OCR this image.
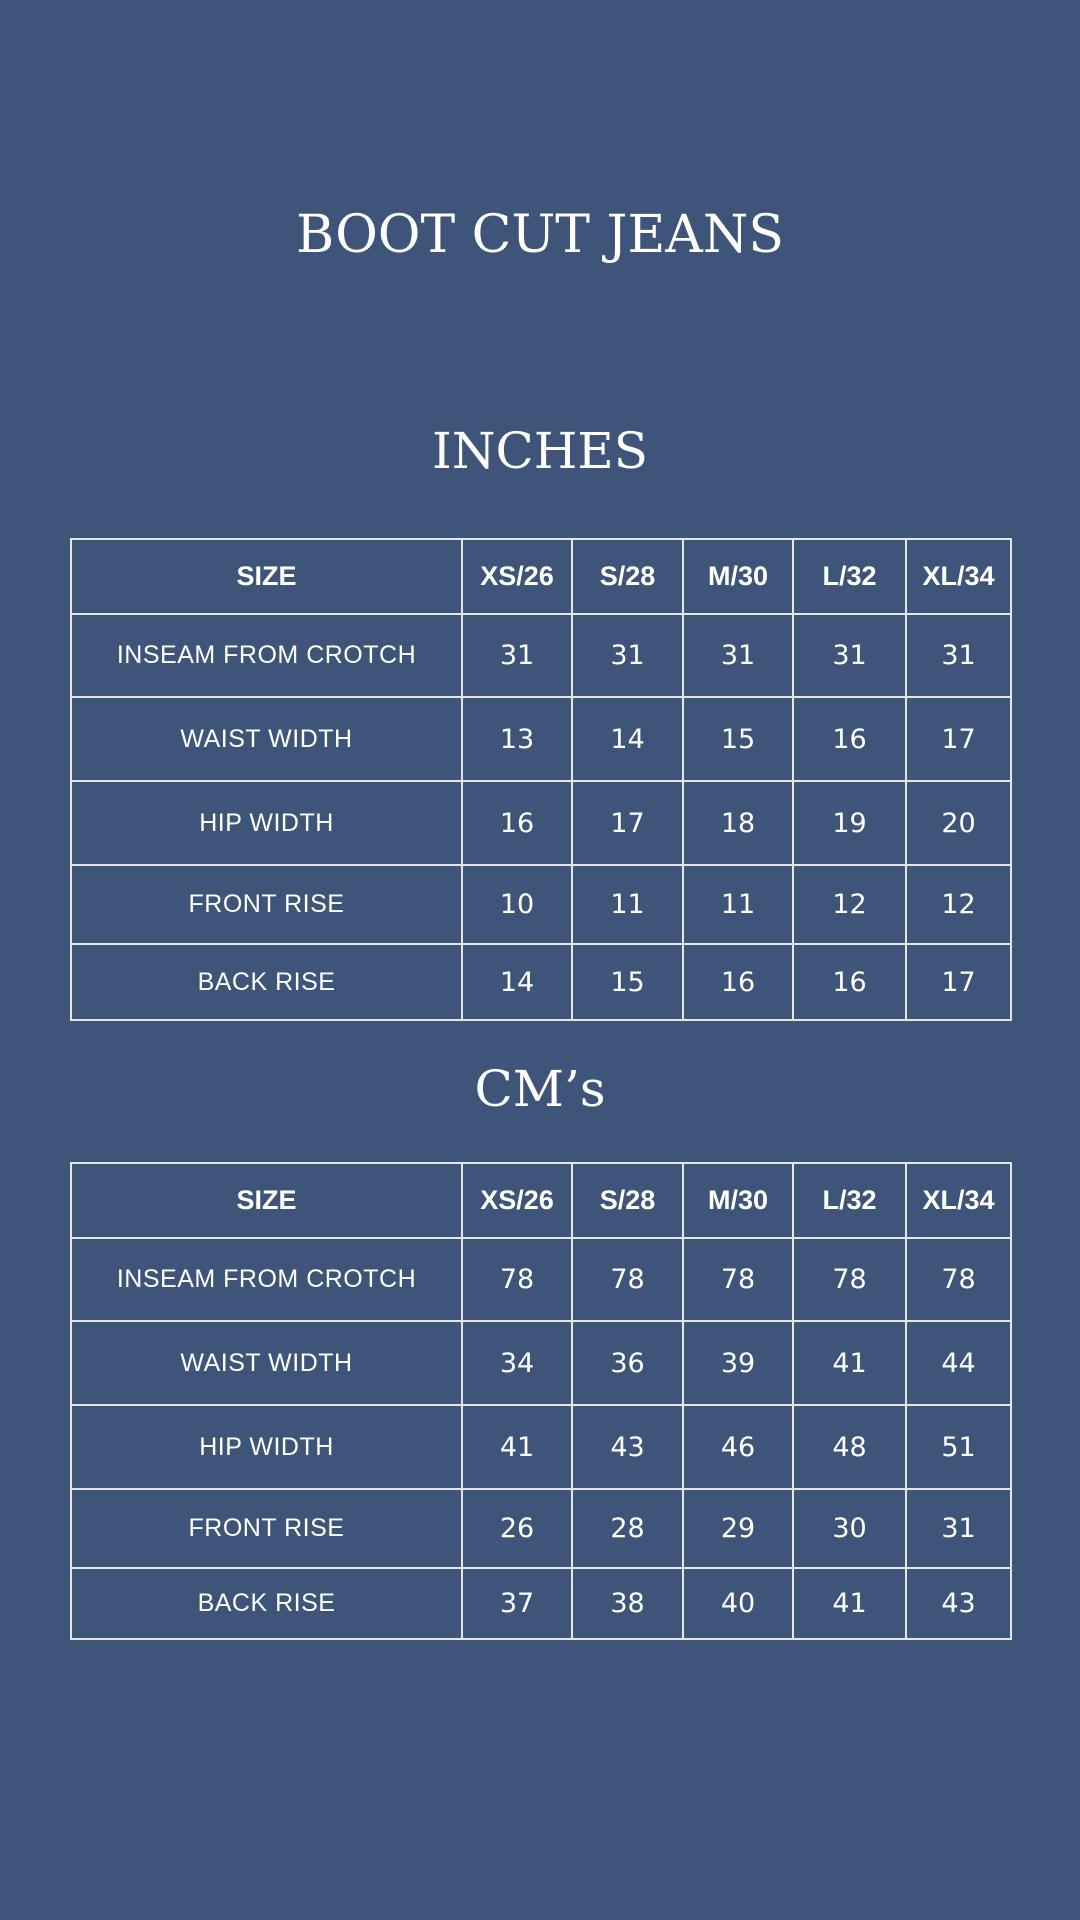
BOOT CUT JEANS
INCHES
SIZE	XS/26	S/28	M/30	L/32	XL/34
INSEAM FROM CROTCH	31	31	31	31	31
WAIST WIDTH	13	14	15	16	17
HIP WIDTH	16	17	18	19	20
FRONT RISE	10	11	11	12	12
BACK RISE	14	15	16	16	17
CM’s
SIZE	XS/26	S/28	M/30	L/32	XL/34
INSEAM FROM CROTCH	78	78	78	78	78
WAIST WIDTH	34	36	39	41	44
HIP WIDTH	41	43	46	48	51
FRONT RISE	26	28	29	30	31
BACK RISE	37	38	40	41	43
